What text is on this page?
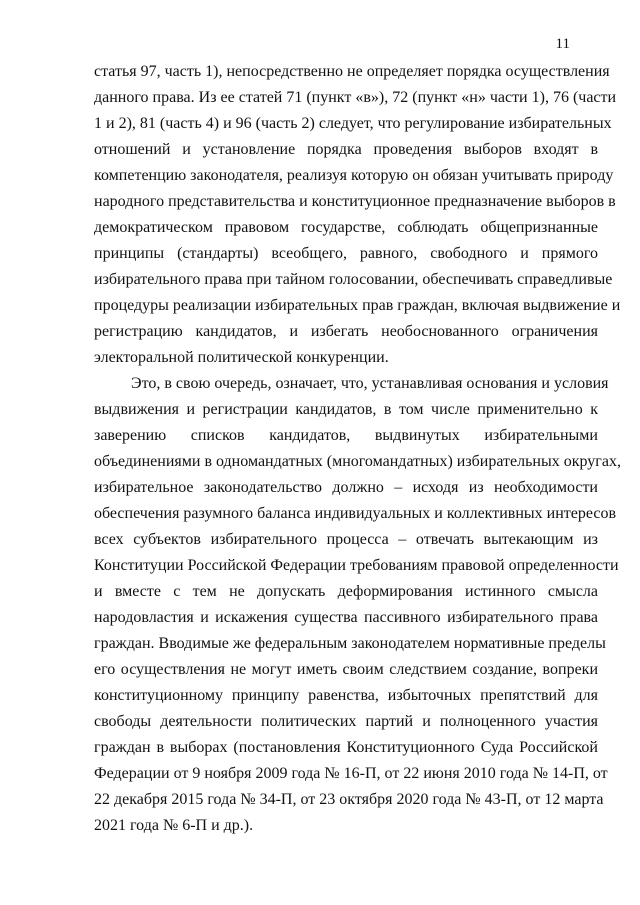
11
статья 97, часть 1), непосредственно не определяет порядка осуществления
данного права. Из ее статей 71 (пункт «в»), 72 (пункт «н» части 1), 76 (части
1 и 2), 81 (часть 4) и 96 (часть 2) следует, что регулирование избирательных
отношений и установление порядка проведения выборов входят в
компетенцию законодателя, реализуя которую он обязан учитывать природу
народного представительства и конституционное предназначение выборов в
демократическом правовом государстве, соблюдать общепризнанные
принципы (стандарты) всеобщего, равного, свободного и прямого
избирательного права при тайном голосовании, обеспечивать справедливые
процедуры реализации избирательных прав граждан, включая выдвижение и
регистрацию кандидатов, и избегать необоснованного ограничения
электоральной политической конкуренции.
Это, в свою очередь, означает, что, устанавливая основания и условия
выдвижения и регистрации кандидатов, в том числе применительно к
заверению списков кандидатов, выдвинутых избирательными
объединениями в одномандатных (многомандатных) избирательных округах,
избирательное законодательство должно – исходя из необходимости
обеспечения разумного баланса индивидуальных и коллективных интересов
всех субъектов избирательного процесса – отвечать вытекающим из
Конституции Российской Федерации требованиям правовой определенности
и вместе с тем не допускать деформирования истинного смысла
народовластия и искажения существа пассивного избирательного права
граждан. Вводимые же федеральным законодателем нормативные пределы
его осуществления не могут иметь своим следствием создание, вопреки
конституционному принципу равенства, избыточных препятствий для
свободы деятельности политических партий и полноценного участия
граждан в выборах (постановления Конституционного Суда Российской
Федерации от 9 ноября 2009 года № 16-П, от 22 июня 2010 года № 14-П, от
22 декабря 2015 года № 34-П, от 23 октября 2020 года № 43-П, от 12 марта
2021 года № 6-П и др.).
